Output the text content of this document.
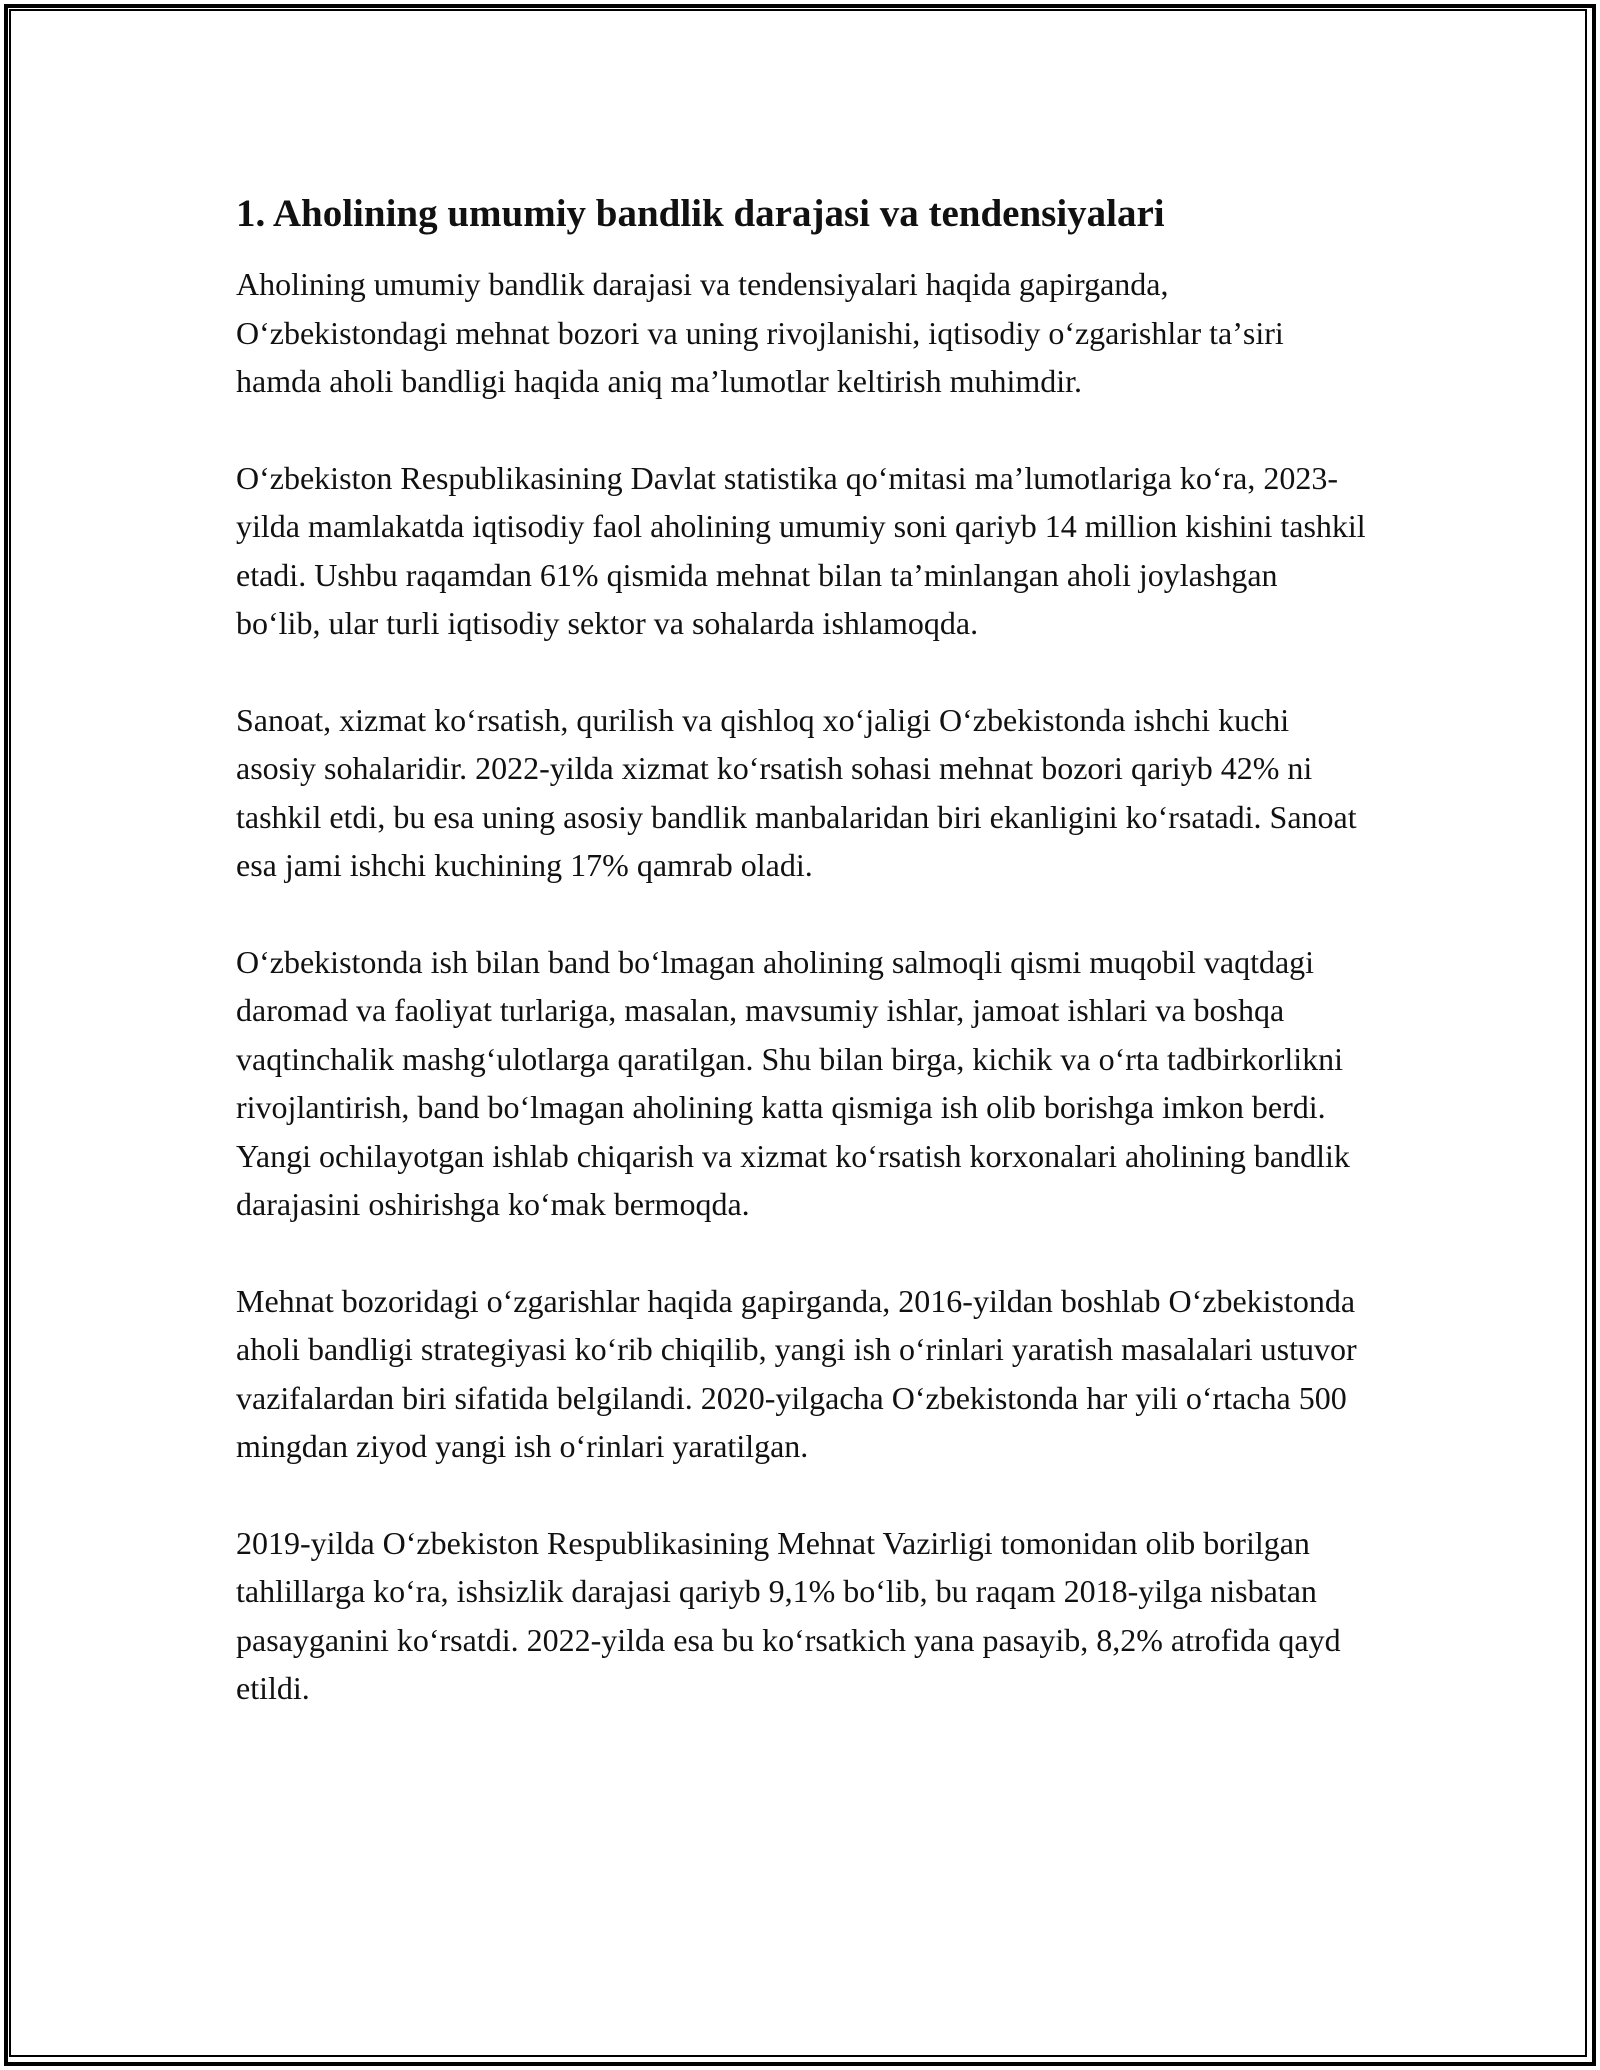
1. Aholining umumiy bandlik darajasi va tendensiyalari

Aholining umumiy bandlik darajasi va tendensiyalari haqida gapirganda, Oʻzbekistondagi mehnat bozori va uning rivojlanishi, iqtisodiy oʻzgarishlar taʼsiri hamda aholi bandligi haqida aniq maʼlumotlar keltirish muhimdir.

Oʻzbekiston Respublikasining Davlat statistika qoʻmitasi maʼlumotlariga koʻra, 2023-yilda mamlakatda iqtisodiy faol aholining umumiy soni qariyb 14 million kishini tashkil etadi. Ushbu raqamdan 61% qismida mehnat bilan taʼminlangan aholi joylashgan boʻlib, ular turli iqtisodiy sektor va sohalarda ishlamoqda.

Sanoat, xizmat koʻrsatish, qurilish va qishloq xoʻjaligi Oʻzbekistonda ishchi kuchi asosiy sohalaridir. 2022-yilda xizmat koʻrsatish sohasi mehnat bozori qariyb 42% ni tashkil etdi, bu esa uning asosiy bandlik manbalaridan biri ekanligini koʻrsatadi. Sanoat esa jami ishchi kuchining 17% qamrab oladi.

Oʻzbekistonda ish bilan band boʻlmagan aholining salmoqli qismi muqobil vaqtdagi daromad va faoliyat turlariga, masalan, mavsumiy ishlar, jamoat ishlari va boshqa vaqtinchalik mashgʻulotlarga qaratilgan. Shu bilan birga, kichik va oʻrta tadbirkorlikni rivojlantirish, band boʻlmagan aholining katta qismiga ish olib borishga imkon berdi. Yangi ochilayotgan ishlab chiqarish va xizmat koʻrsatish korxonalari aholining bandlik darajasini oshirishga koʻmak bermoqda.

Mehnat bozoridagi oʻzgarishlar haqida gapirganda, 2016-yildan boshlab Oʻzbekistonda aholi bandligi strategiyasi koʻrib chiqilib, yangi ish oʻrinlari yaratish masalalari ustuvor vazifalardan biri sifatida belgilandi. 2020-yilgacha Oʻzbekistonda har yili oʻrtacha 500 mingdan ziyod yangi ish oʻrinlari yaratilgan.

2019-yilda Oʻzbekiston Respublikasining Mehnat Vazirligi tomonidan olib borilgan tahlillarga koʻra, ishsizlik darajasi qariyb 9,1% boʻlib, bu raqam 2018-yilga nisbatan pasayganini koʻrsatdi. 2022-yilda esa bu koʻrsatkich yana pasayib, 8,2% atrofida qayd etildi.
